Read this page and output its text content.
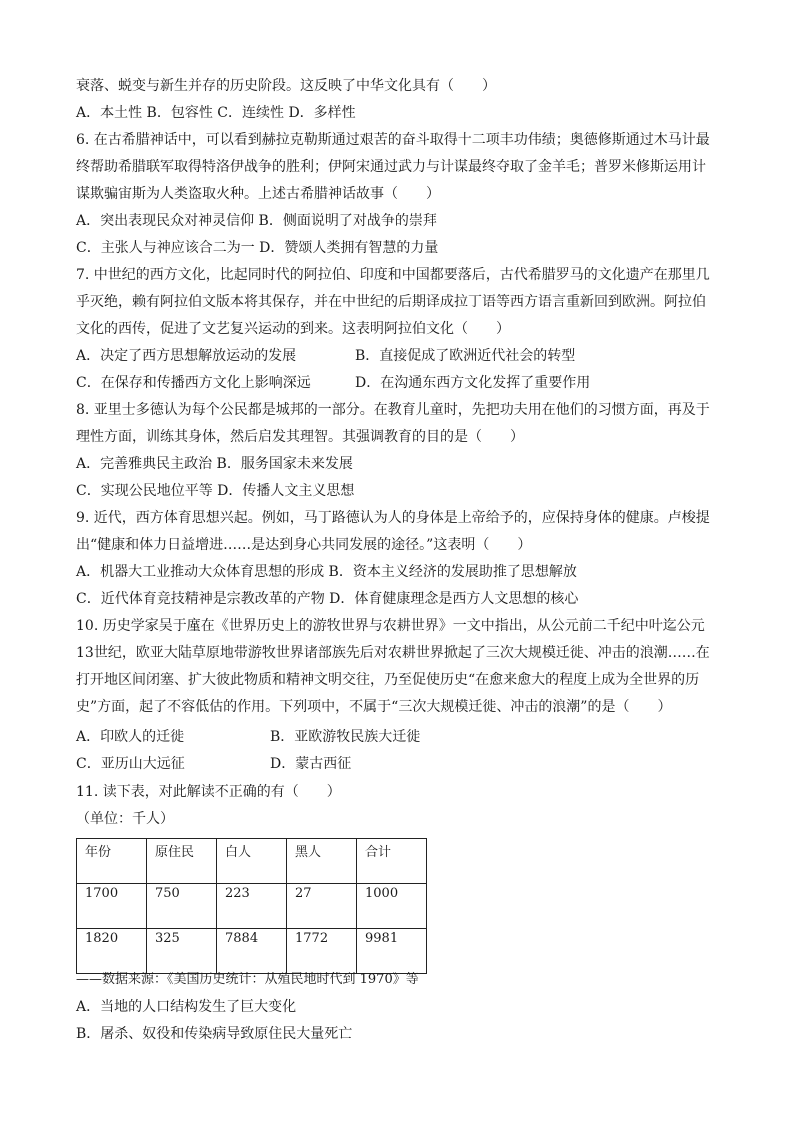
衰落、蜕变与新生并存的历史阶段。这反映了中华文化具有（　　）
A．本土性 B．包容性 C．连续性 D．多样性
6. 在古希腊神话中，可以看到赫拉克勒斯通过艰苦的奋斗取得十二项丰功伟绩；奥德修斯通过木马计最
终帮助希腊联军取得特洛伊战争的胜利；伊阿宋通过武力与计谋最终夺取了金羊毛；普罗米修斯运用计
谋欺骗宙斯为人类盗取火种。上述古希腊神话故事（　　）
A．突出表现民众对神灵信仰 B．侧面说明了对战争的崇拜
C．主张人与神应该合二为一 D．赞颂人类拥有智慧的力量
7. 中世纪的西方文化，比起同时代的阿拉伯、印度和中国都要落后，古代希腊罗马的文化遗产在那里几
乎灭绝，赖有阿拉伯文版本将其保存，并在中世纪的后期译成拉丁语等西方语言重新回到欧洲。阿拉伯
文化的西传，促进了文艺复兴运动的到来。这表明阿拉伯文化（　　）
A．决定了西方思想解放运动的发展	B．直接促成了欧洲近代社会的转型
C．在保存和传播西方文化上影响深远	D．在沟通东西方文化发挥了重要作用
8. 亚里士多德认为每个公民都是城邦的一部分。在教育儿童时，先把功夫用在他们的习惯方面，再及于
理性方面，训练其身体，然后启发其理智。其强调教育的目的是（　　）
A．完善雅典民主政治 B．服务国家未来发展
C．实现公民地位平等 D．传播人文主义思想
9. 近代，西方体育思想兴起。例如，马丁路德认为人的身体是上帝给予的，应保持身体的健康。卢梭提
出“健康和体力日益增进……是达到身心共同发展的途径。”这表明（　　）
A．机器大工业推动大众体育思想的形成 B．资本主义经济的发展助推了思想解放
C．近代体育竞技精神是宗教改革的产物 D．体育健康理念是西方人文思想的核心
10. 历史学家吴于廑在《世界历史上的游牧世界与农耕世界》一文中指出，从公元前二千纪中叶迄公元
13世纪，欧亚大陆草原地带游牧世界诸部族先后对农耕世界掀起了三次大规模迁徙、冲击的浪潮……在
打开地区间闭塞、扩大彼此物质和精神文明交往，乃至促使历史“在愈来愈大的程度上成为全世界的历
史”方面，起了不容低估的作用。下列项中，不属于“三次大规模迁徙、冲击的浪潮”的是（　　）
A．印欧人的迁徙	B．亚欧游牧民族大迁徙
C．亚历山大远征	D．蒙古西征
11. 读下表，对此解读不正确的有（　　）
（单位：千人）
年份	原住民	白人	黑人	合计
1700	750	223	27	1000
1820	325	7884	1772	9981
——数据来源：《美国历史统计：从殖民地时代到 1970》等
A．当地的人口结构发生了巨大变化
B．屠杀、奴役和传染病导致原住民大量死亡
